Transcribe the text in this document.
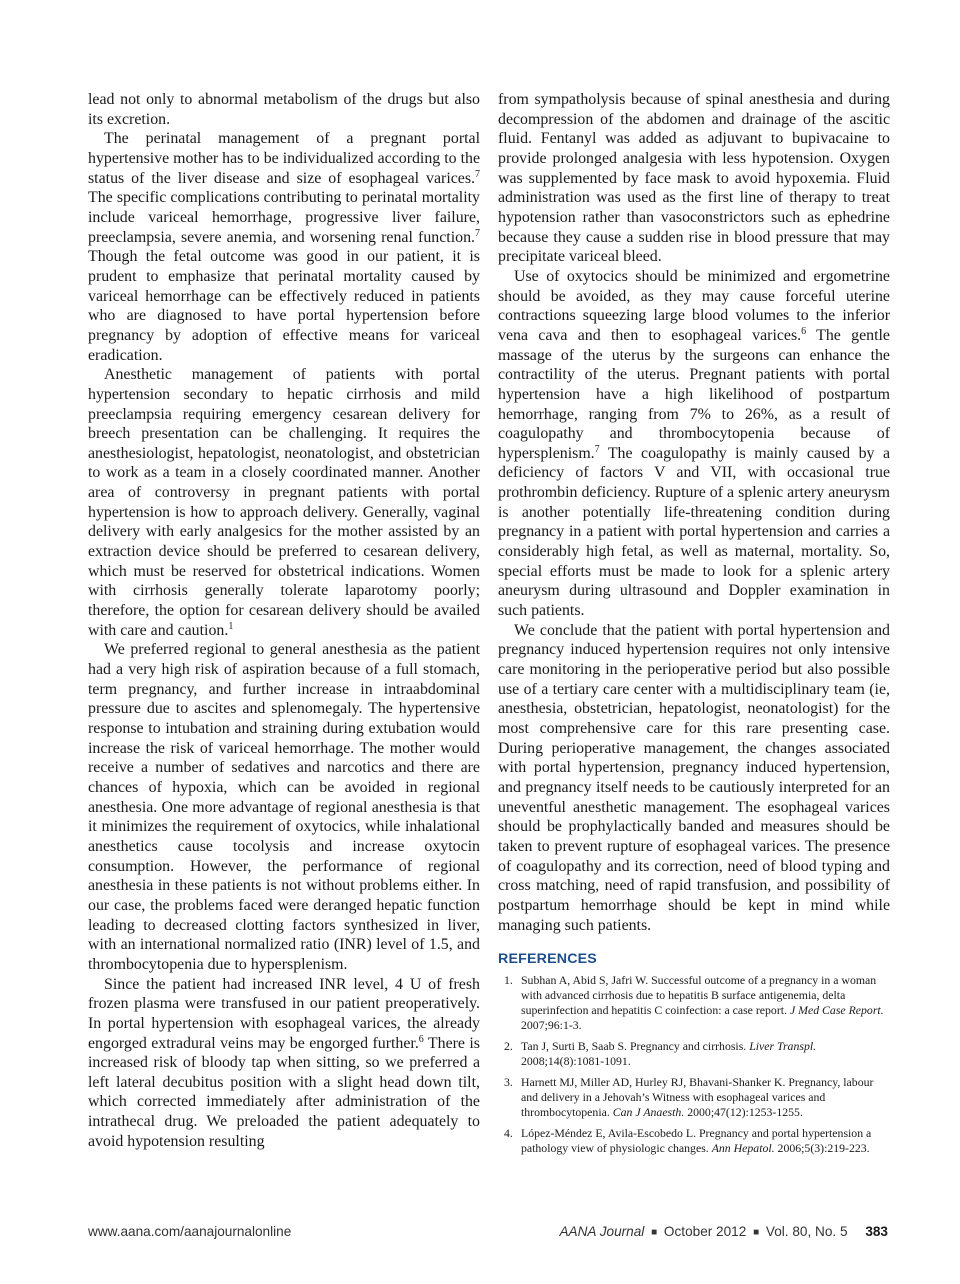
lead not only to abnormal metabolism of the drugs but also its excretion.

The perinatal management of a pregnant portal hypertensive mother has to be individualized according to the status of the liver disease and size of esophageal varices.$^7$ The specific complications contributing to perinatal mortality include variceal hemorrhage, progressive liver failure, preeclampsia, severe anemia, and worsening renal function.$^7$ Though the fetal outcome was good in our patient, it is prudent to emphasize that perinatal mortality caused by variceal hemorrhage can be effectively reduced in patients who are diagnosed to have portal hypertension before pregnancy by adoption of effective means for variceal eradication.

Anesthetic management of patients with portal hypertension secondary to hepatic cirrhosis and mild preeclampsia requiring emergency cesarean delivery for breech presentation can be challenging. It requires the anesthesiologist, hepatologist, neonatologist, and obstetrician to work as a team in a closely coordinated manner. Another area of controversy in pregnant patients with portal hypertension is how to approach delivery. Generally, vaginal delivery with early analgesics for the mother assisted by an extraction device should be preferred to cesarean delivery, which must be reserved for obstetrical indications. Women with cirrhosis generally tolerate laparotomy poorly; therefore, the option for cesarean delivery should be availed with care and caution.$^1$

We preferred regional to general anesthesia as the patient had a very high risk of aspiration because of a full stomach, term pregnancy, and further increase in intraabdominal pressure due to ascites and splenomegaly. The hypertensive response to intubation and straining during extubation would increase the risk of variceal hemorrhage. The mother would receive a number of sedatives and narcotics and there are chances of hypoxia, which can be avoided in regional anesthesia. One more advantage of regional anesthesia is that it minimizes the requirement of oxytocics, while inhalational anesthetics cause tocolysis and increase oxytocin consumption. However, the performance of regional anesthesia in these patients is not without problems either. In our case, the problems faced were deranged hepatic function leading to decreased clotting factors synthesized in liver, with an international normalized ratio (INR) level of 1.5, and thrombocytopenia due to hypersplenism.

Since the patient had increased INR level, 4 U of fresh frozen plasma were transfused in our patient preoperatively. In portal hypertension with esophageal varices, the already engorged extradural veins may be engorged further.$^6$ There is increased risk of bloody tap when sitting, so we preferred a left lateral decubitus position with a slight head down tilt, which corrected immediately after administration of the intrathecal drug. We preloaded the patient adequately to avoid hypotension resulting

from sympatholysis because of spinal anesthesia and during decompression of the abdomen and drainage of the ascitic fluid. Fentanyl was added as adjuvant to bupivacaine to provide prolonged analgesia with less hypotension. Oxygen was supplemented by face mask to avoid hypoxemia. Fluid administration was used as the first line of therapy to treat hypotension rather than vasoconstrictors such as ephedrine because they cause a sudden rise in blood pressure that may precipitate variceal bleed.

Use of oxytocics should be minimized and ergometrine should be avoided, as they may cause forceful uterine contractions squeezing large blood volumes to the inferior vena cava and then to esophageal varices.$^6$ The gentle massage of the uterus by the surgeons can enhance the contractility of the uterus. Pregnant patients with portal hypertension have a high likelihood of postpartum hemorrhage, ranging from 7% to 26%, as a result of coagulopathy and thrombocytopenia because of hypersplenism.$^7$ The coagulopathy is mainly caused by a deficiency of factors V and VII, with occasional true prothrombin deficiency. Rupture of a splenic artery aneurysm is another potentially life-threatening condition during pregnancy in a patient with portal hypertension and carries a considerably high fetal, as well as maternal, mortality. So, special efforts must be made to look for a splenic artery aneurysm during ultrasound and Doppler examination in such patients.

We conclude that the patient with portal hypertension and pregnancy induced hypertension requires not only intensive care monitoring in the perioperative period but also possible use of a tertiary care center with a multidisciplinary team (ie, anesthesia, obstetrician, hepatologist, neonatologist) for the most comprehensive care for this rare presenting case. During perioperative management, the changes associated with portal hypertension, pregnancy induced hypertension, and pregnancy itself needs to be cautiously interpreted for an uneventful anesthetic management. The esophageal varices should be prophylactically banded and measures should be taken to prevent rupture of esophageal varices. The presence of coagulopathy and its correction, need of blood typing and cross matching, need of rapid transfusion, and possibility of postpartum hemorrhage should be kept in mind while managing such patients.

REFERENCES
1. Subhan A, Abid S, Jafri W. Successful outcome of a pregnancy in a woman with advanced cirrhosis due to hepatitis B surface antigenemia, delta superinfection and hepatitis C coinfection: a case report. J Med Case Report. 2007;96:1-3.
2. Tan J, Surti B, Saab S. Pregnancy and cirrhosis. Liver Transpl. 2008;14(8):1081-1091.
3. Harnett MJ, Miller AD, Hurley RJ, Bhavani-Shanker K. Pregnancy, labour and delivery in a Jehovah’s Witness with esophageal varices and thrombocytopenia. Can J Anaesth. 2000;47(12):1253-1255.
4. López-Méndez E, Avila-Escobedo L. Pregnancy and portal hypertension a pathology view of physiologic changes. Ann Hepatol. 2006;5(3):219-223.
www.aana.com/aanajournalonline	AANA Journal ■ October 2012 ■ Vol. 80, No. 5 383
